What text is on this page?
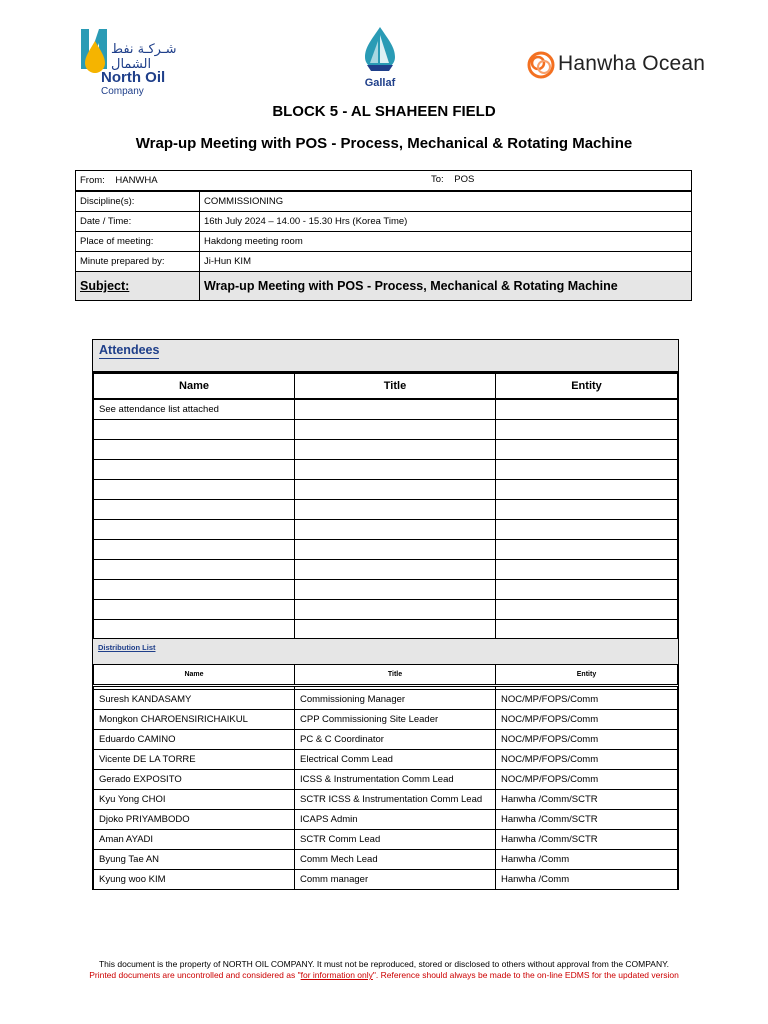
شـركـة نفط الشمال
North Oil
Company
Gallaf
Hanwha Ocean
BLOCK 5 - AL SHAHEEN FIELD
Wrap-up Meeting with POS - Process, Mechanical & Rotating Machine
From: HANWHA To: POS	

Discipline(s):	COMMISSIONING
Date / Time:	16th July 2024 – 14.00 - 15.30 Hrs (Korea Time)
Place of meeting:	Hakdong meeting room
Minute prepared by:	Ji-Hun KIM
Subject:	Wrap-up Meeting with POS - Process, Mechanical & Rotating Machine
Attendees
Name	Title	Entity
See attendance list attached		

Distribution List
Name	Title	Entity

Suresh KANDASAMY	Commissioning Manager	NOC/MP/FOPS/Comm
Mongkon CHAROENSIRICHAIKUL	CPP Commissioning Site Leader	NOC/MP/FOPS/Comm
Eduardo CAMINO	PC & C Coordinator	NOC/MP/FOPS/Comm
Vicente DE LA TORRE	Electrical Comm Lead	NOC/MP/FOPS/Comm
Gerado EXPOSITO	ICSS & Instrumentation Comm Lead	NOC/MP/FOPS/Comm
Kyu Yong CHOI	SCTR ICSS & Instrumentation Comm Lead	Hanwha /Comm/SCTR
Djoko PRIYAMBODO	ICAPS Admin	Hanwha /Comm/SCTR
Aman AYADI	SCTR Comm Lead	Hanwha /Comm/SCTR
Byung Tae AN	Comm Mech Lead	Hanwha /Comm
Kyung woo KIM	Comm manager	Hanwha /Comm
This document is the property of NORTH OIL COMPANY. It must not be reproduced, stored or disclosed to others without approval from the COMPANY.
Printed documents are uncontrolled and considered as "for information only". Reference should always be made to the on-line EDMS for the updated version
